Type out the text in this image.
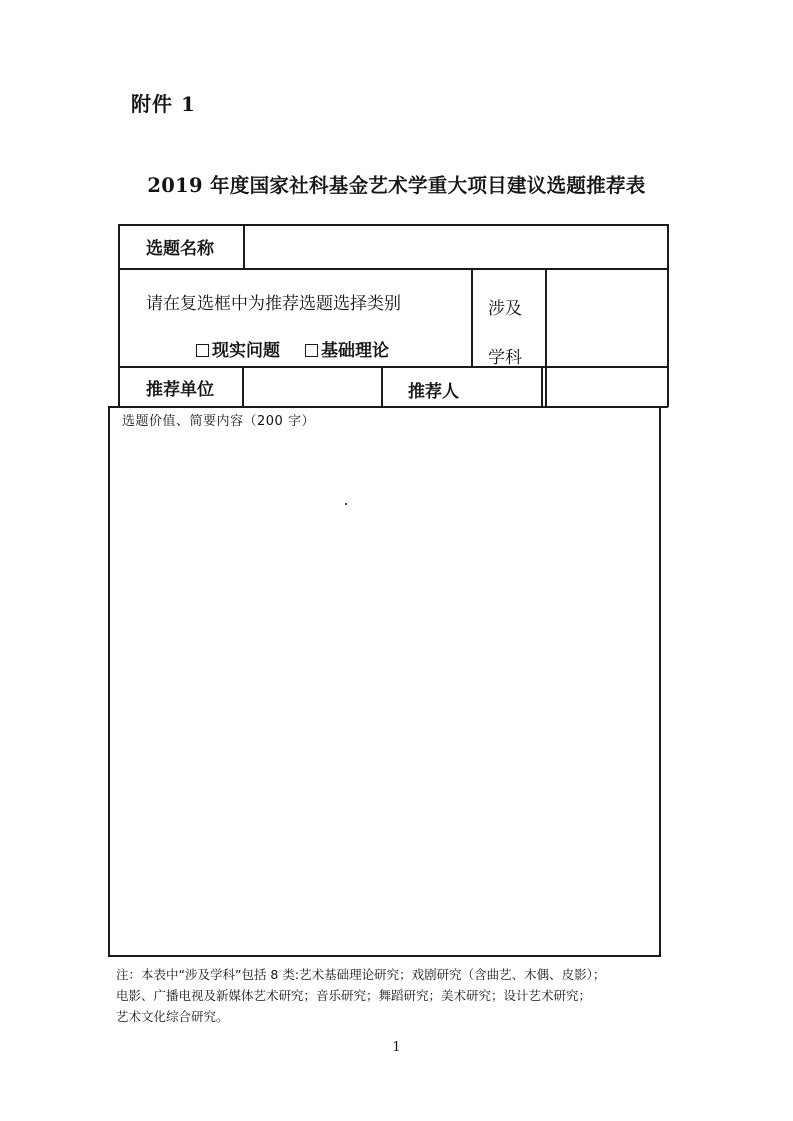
附件 1
2019 年度国家社科基金艺术学重大项目建议选题推荐表
选题名称
请在复选框中为推荐选题选择类别
现实问题	基础理论
涉及
学科
推荐单位	推荐人
选题价值、简要内容（200 字）
注：本表中“涉及学科”包括 8 类:艺术基础理论研究；戏剧研究（含曲艺、木偶、皮影）；
电影、广播电视及新媒体艺术研究；音乐研究；舞蹈研究；美术研究；设计艺术研究；
艺术文化综合研究。
1
